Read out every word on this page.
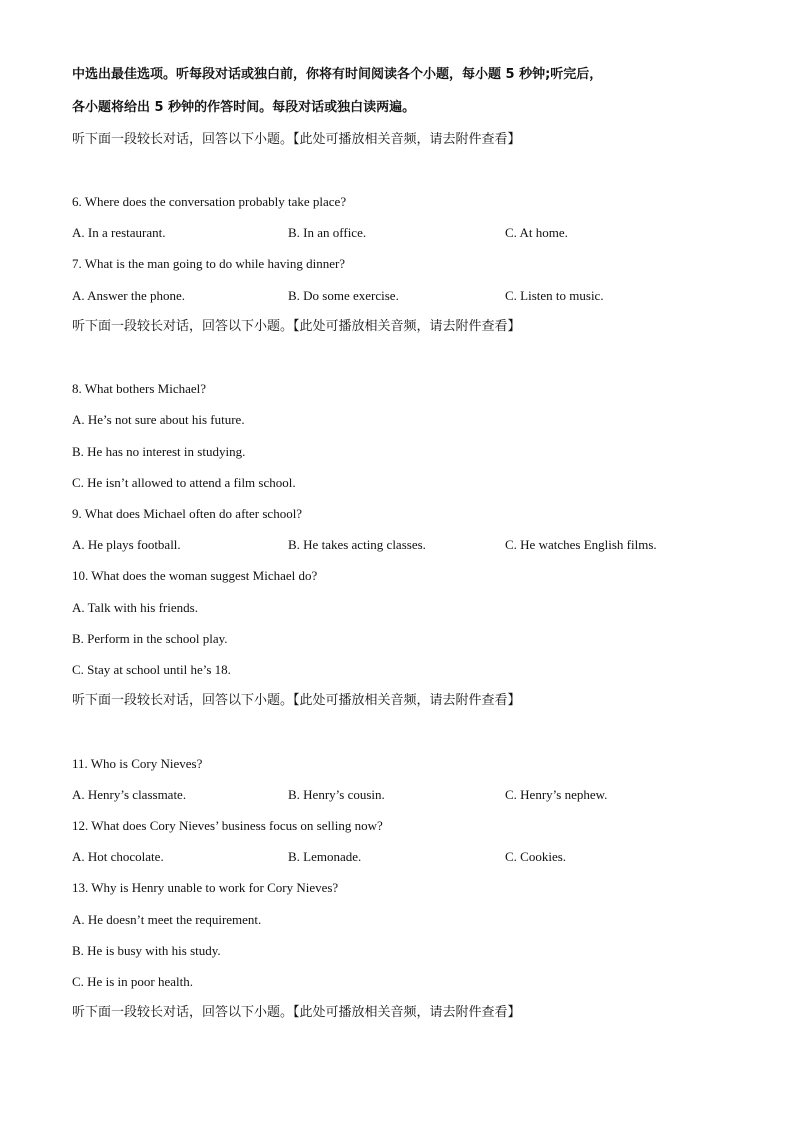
中选出最佳选项。听每段对话或独白前，你将有时间阅读各个小题，每小题 5 秒钟;听完后，
各小题将给出 5 秒钟的作答时间。每段对话或独白读两遍。
听下面一段较长对话，回答以下小题。【此处可播放相关音频，请去附件查看】
6. Where does the conversation probably take place?
A. In a restaurant.	B. In an office.	C. At home.
7. What is the man going to do while having dinner?
A. Answer the phone.	B. Do some exercise.	C. Listen to music.
听下面一段较长对话，回答以下小题。【此处可播放相关音频，请去附件查看】
8. What bothers Michael?
A. He’s not sure about his future.
B. He has no interest in studying.
C. He isn’t allowed to attend a film school.
9. What does Michael often do after school?
A. He plays football.	B. He takes acting classes.	C. He watches English films.
10. What does the woman suggest Michael do?
A. Talk with his friends.
B. Perform in the school play.
C. Stay at school until he’s 18.
听下面一段较长对话，回答以下小题。【此处可播放相关音频，请去附件查看】
11. Who is Cory Nieves?
A. Henry’s classmate.	B. Henry’s cousin.	C. Henry’s nephew.
12. What does Cory Nieves’ business focus on selling now?
A. Hot chocolate.	B. Lemonade.	C. Cookies.
13. Why is Henry unable to work for Cory Nieves?
A. He doesn’t meet the requirement.
B. He is busy with his study.
C. He is in poor health.
听下面一段较长对话，回答以下小题。【此处可播放相关音频，请去附件查看】
